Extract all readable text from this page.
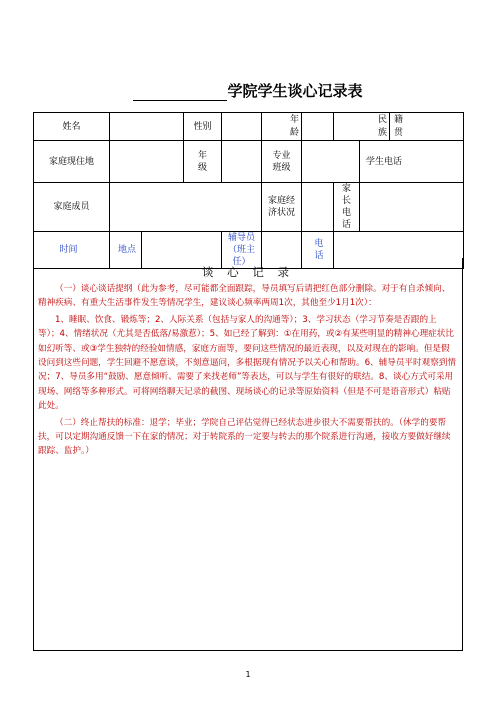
学院学生谈心记录表
姓名			性别		年龄		民族		籍贯
家庭现住地			年级		专业班级			学生电话	
家庭成员					家庭经济状况		家长电话		
时间	地点			辅导员（班主任）		电话			
谈 心 记 录
（一）谈心谈话提纲（此为参考，尽可能都全面跟踪，导员填写后请把红色部分删除。对于有自杀倾向、精神疾病、有重大生活事件发生等情况学生，建议谈心频率两周1次，其他至少1月1次）：
1、睡眠、饮食、锻炼等；2、人际关系（包括与家人的沟通等）；3、学习状态（学习节奏是否跟的上等）；4、情绪状况（尤其是否低落/易激惹）；5、如已经了解到：①在用药，或②有某些明显的精神心理症状比如幻听等、或③学生独特的经验如情感，家庭方面等，要问这些情况的最近表现，以及对现在的影响。但是假设问到这些问题，学生回避不愿意谈，不刻意逼问，多根据现有情况予以关心和帮助。6、辅导员平时观察到情况；7、导员多用“鼓励、愿意倾听、需要了来找老师”等表达，可以与学生有很好的联结。8、谈心方式可采用现场、网络等多种形式。可将网络聊天记录的截图、现场谈心的记录等原始资料（但是不可是语音形式）粘贴此处。
（二）终止帮扶的标准：退学；毕业；学院自己评估觉得已经状态进步很大不需要帮扶的。（休学的要帮扶，可以定期沟通反馈一下在家的情况；对于转院系的一定要与转去的那个院系进行沟通，接收方要做好继续跟踪、监护。）
1
